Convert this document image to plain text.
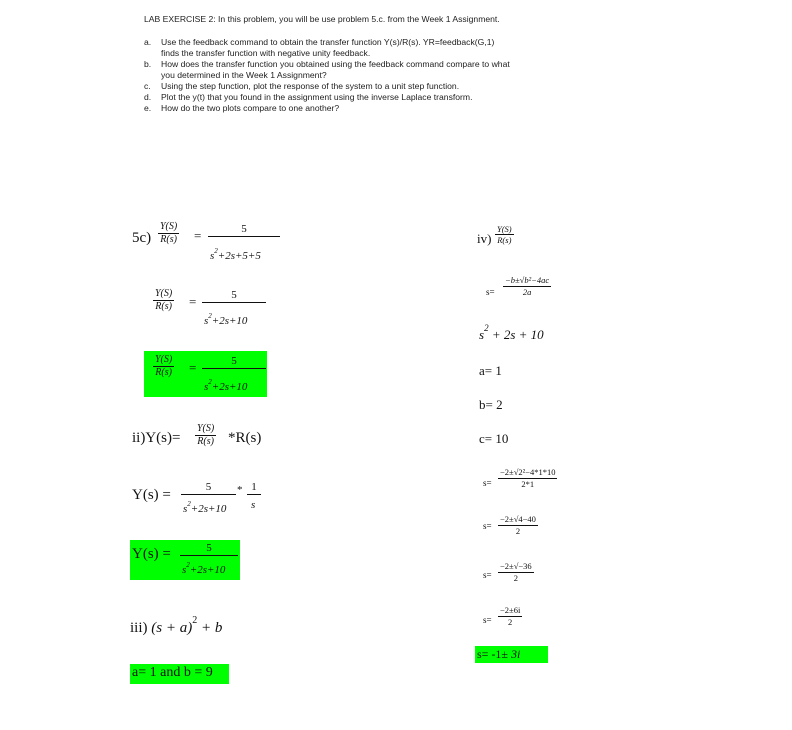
LAB EXERCISE 2: In this problem, you will be use problem 5.c. from the Week 1 Assignment.
a. Use the feedback command to obtain the transfer function Y(s)/R(s). YR=feedback(G,1)
finds the transfer function with negative unity feedback.
b. How does the transfer function you obtained using the feedback command compare to what
you determined in the Week 1 Assignment?
c. Using the step function, plot the response of the system to a unit step function.
d. Plot the y(t) that you found in the assignment using the inverse Laplace transform.
e. How do the two plots compare to one another?
$5c) \frac{Y(S)}{R(s)}$ =	5
$s^2+2s+5+5$
$\frac{Y(S)}{R(s)}$ =	5
$s^2+2s+10$
$\frac{Y(S)}{R(s)}$ =	5
$s^2+2s+10$
$ii)Y(s)= \frac{Y(S)}{R(s)} *R(s)$
Y(s) =	5
$s^2+2s+10$
* 1
s
Y(s) =	5
$s^2+2s+10$
iii) $(s + a)^2 + b$
a= 1 and b = 9
$iv) \frac{Y(S)}{R(s)}$
$s= \frac{\text{−b±√b²−4ac}}{2a}$
$s^2 + 2s + 10$
a= 1
b= 2
c= 10
$s= \frac{\text{−2±√2²−4*1*10}}{2*1}$
$s= \frac{-2\pm√4-40}{2}$
$s= \frac{-2\pm√-36}{2}$
$s= \frac{-2\pm 6i}{2}$
s= -1± 3i
